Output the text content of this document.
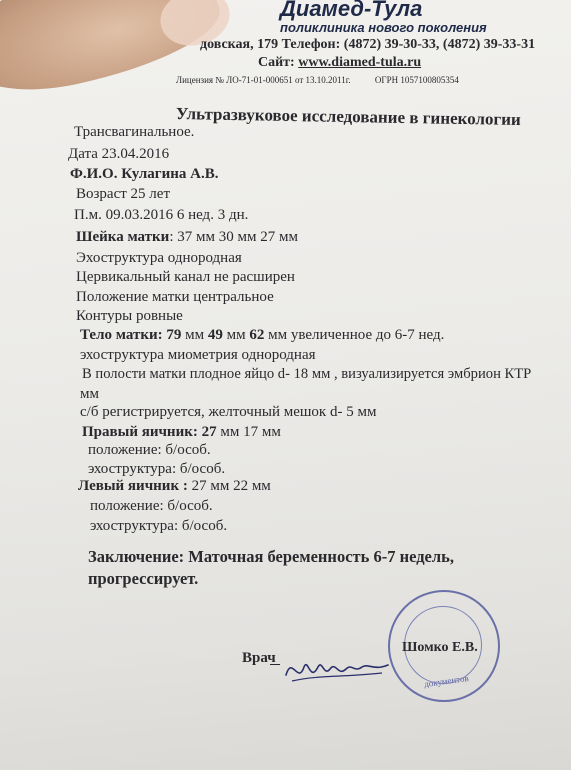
Диамед-Тула
поликлиника нового поколения
довская, 179 Телефон: (4872) 39-30-33, (4872) 39-33-31
Сайт: www.diamed-tula.ru
Лицензия № ЛО-71-01-000651 от 13.10.2011г.	ОГРН 1057100805354
Ультразвуковое исследование в гинекологии
Трансвагинальное.
Дата 23.04.2016
Ф.И.О. Кулагина А.В.
Возраст 25 лет
П.м. 09.03.2016 6 нед. 3 дн.
Шейка матки: 37 мм 30 мм 27 мм
Эхоструктура однородная
Цервикальный канал не расширен
Положение матки центральное
Контуры ровные
Тело матки: 79 мм 49 мм 62 мм увеличенное до 6-7 нед.
эхоструктура миометрия однородная
В полости матки плодное яйцо d- 18 мм , визуализируется эмбрион КТР
мм
с/б регистрируется, желточный мешок d- 5 мм
Правый яичник: 27 мм 17 мм
положение: б/особ.
эхоструктура: б/особ.
Левый яичник : 27 мм 22 мм
положение: б/особ.
эхоструктура: б/особ.
Заключение: Маточная беременность 6-7 недель,
прогрессирует.
Врач
документов
Шомко Е.В.
